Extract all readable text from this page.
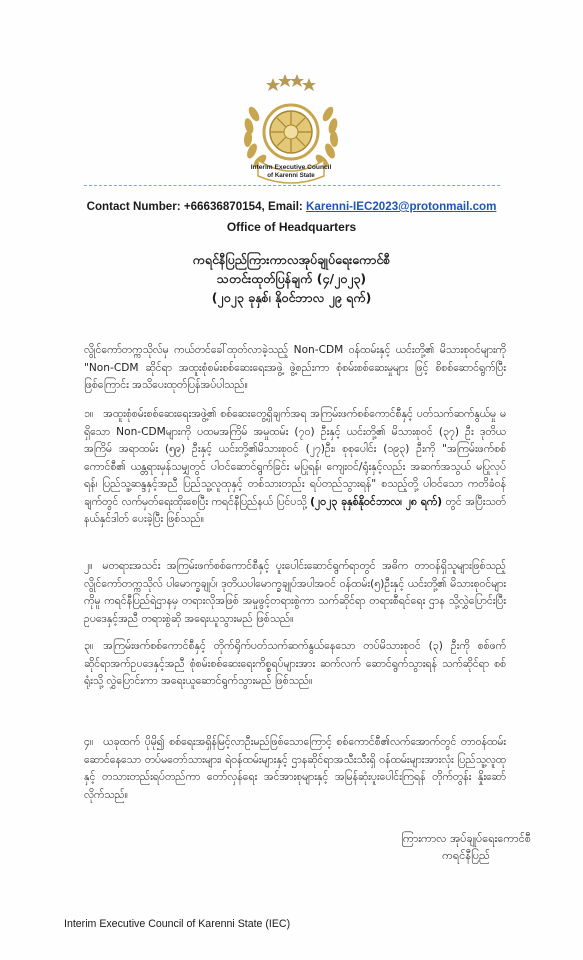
Interim Executive Council
of Karenni State
Contact Number: +66636870154, Email: Karenni-IEC2023@protonmail.com
Office of Headquarters
ကရင်နီပြည်ကြားကာလအုပ်ချုပ်ရေးကောင်စီ
သတင်းထုတ်ပြန်ချက် (၄/၂၀၂၃)
(၂၀၂၃ ခုနှစ်၊ နိုဝင်ဘာလ ၂၉ ရက်)

လွိုင်ကော်တက္ကသိုလ်မှ ကယ်တင်ခေါ်ထုတ်လာခဲ့သည့် Non-CDM ဝန်ထမ်းနှင့် ယင်းတို့၏ မိသားစုဝင်များကို "Non-CDM ဆိုင်ရာ အထူးစုံစမ်းစစ်ဆေးရေးအဖွဲ့ ဖွဲ့စည်းကာ စုံစမ်းစစ်ဆေးမှုများ ဖြင့် စိစစ်ဆောင်ရွက်ပြီး ဖြစ်ကြောင်း အသိပေးထုတ်ပြန်အပ်ပါသည်။

၁။ အထူးစုံစမ်းစစ်ဆေးရေးအဖွဲ့၏ စစ်ဆေးတွေ့ရှိချက်အရ အကြမ်းဖက်စစ်ကောင်စီနှင့် ပတ်သက်ဆက်နွယ်မှု မရှိသော Non-CDMများကို ပထမအကြိမ် အမှုထမ်း (၇၀) ဦးနှင့် ယင်းတို့၏ မိသားစုဝင် (၃၇) ဦး ဒုတိယအကြိမ် အရာထမ်း (၅၉) ဦးနှင့် ယင်းတို့၏မိသားစုဝင် (၂၇)ဦး၊ စုစုပေါင်း (၁၉၃) ဦးကို "အကြမ်းဖက်စစ်ကောင်စီ၏ ယန္တရားမှန်သမျှတွင် ပါဝင်ဆောင်ရွက်ခြင်း မပြုရန်၊ ကျေးဝင်/ရုံးနှင့်လည်း အဆက်အသွယ် မပြုလုပ်ရန်၊ ပြည်သူ့ဆန္ဒနှင့်အညီ ပြည်သူ့လူထုနှင့် တစ်သားတည်း ရပ်တည်သွားရန်" စသည့်တို့ ပါဝင်သော ကတိခံဝန်ချက်တွင် လက်မှတ်ရေးထိုးစေပြီး ကရင်နီပြည်နယ် ပြင်ပသို့ (၂၀၂၃ ခုနှစ်နိုဝင်ဘာလ၊ ၂၈ ရက်) တွင် အပြီးသတ် နယ်နှင်ဒါတ် ပေးခဲ့ပြီး ဖြစ်သည်။

၂။ မတရားအသင်း အကြမ်းဖက်စစ်ကောင်စီနှင့် ပူးပေါင်းဆောင်ရွက်ရာတွင် အဓိက တာဝန်ရှိသူများဖြစ်သည့် လွိုင်ကော်တက္ကသိုလ် ပါမောက္ခချုပ်၊ ဒုတိယပါမောက္ခချုပ်အပါအဝင် ဝန်ထမ်း(၅)ဦးနှင့် ယင်းတို့၏ မိသားစုဝင်များကိုမူ ကရင်နီပြည်ရဲဌာနမှ တရားလိုအဖြစ် အမှုဖွင့်တရားစွဲကာ သက်ဆိုင်ရာ တရားစီရင်ရေး ဌာန သို့လွှဲပြောင်းပြီး ဥပဒေနှင့်အညီ တရားစွဲဆို အရေးယူသွားမည် ဖြစ်သည်။

၃။ အကြမ်းဖက်စစ်ကောင်စီနှင့် တိုက်ရိုက်ပတ်သက်ဆက်နွယ်နေသော တပ်မိသားစုဝင် (၃) ဦးကို စစ်ဖက်ဆိုင်ရာအက်ဥပဒေနှင့်အညီ စုံစမ်းစစ်ဆေးရေးကိစ္စရပ်များအား ဆက်လက် ဆောင်ရွက်သွားရန် သက်ဆိုင်ရာ စစ်ရုံးသို့ လွှဲပြောင်းကာ အရေးယူဆောင်ရွက်သွားမည် ဖြစ်သည်။

၄။ ယခုထက် ပိုမို၍ စစ်ရေးအရှိန်မြင့်လာဦးမည်ဖြစ်သောကြောင့် စစ်ကောင်စီ၏လက်အောက်တွင် တာဝန်ထမ်းဆောင်နေသော တပ်မတော်သားများ၊ ရဲဝန်ထမ်းများနှင့် ဌာနဆိုင်ရာအသီးသီးရှိ ဝန်ထမ်းများအားလုံး ပြည်သူ့လူထုနှင့် တသားတည်းရပ်တည်ကာ တော်လှန်ရေး အင်အားစုများနှင့် အမြန်ဆုံးပူးပေါင်းကြရန် တိုက်တွန်း နှိုးဆော်လိုက်သည်။

ကြားကာလ အုပ်ချုပ်ရေးကောင်စီ
ကရင်နီပြည်
Interim Executive Council of Karenni State (IEC)
